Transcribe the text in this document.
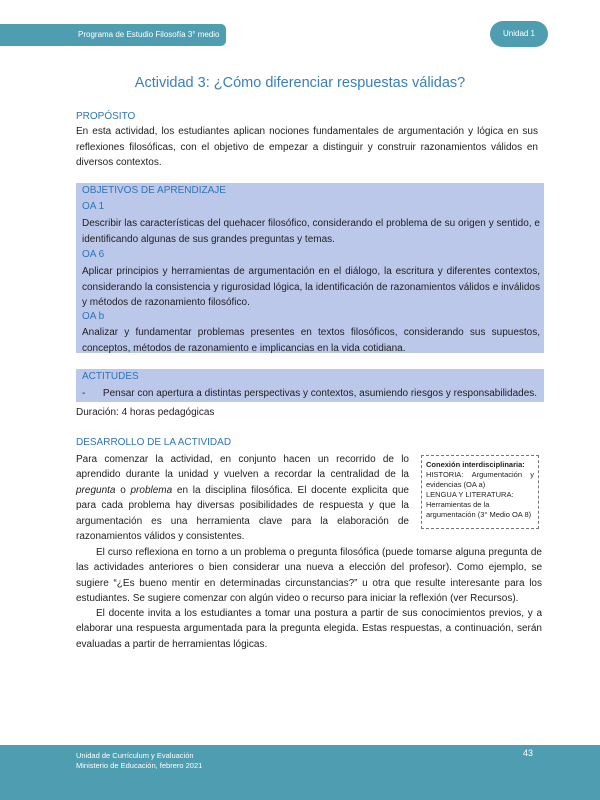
Programa de Estudio Filosofía 3° medio	Unidad 1
Actividad 3: ¿Cómo diferenciar respuestas válidas?
PROPÓSITO
En esta actividad, los estudiantes aplican nociones fundamentales de argumentación y lógica en sus reflexiones filosóficas, con el objetivo de empezar a distinguir y construir razonamientos válidos en diversos contextos.
OBJETIVOS DE APRENDIZAJE
OA 1
Describir las características del quehacer filosófico, considerando el problema de su origen y sentido, e identificando algunas de sus grandes preguntas y temas.
OA 6
Aplicar principios y herramientas de argumentación en el diálogo, la escritura y diferentes contextos, considerando la consistencia y rigurosidad lógica, la identificación de razonamientos válidos e inválidos y métodos de razonamiento filosófico.
OA b
Analizar y fundamentar problemas presentes en textos filosóficos, considerando sus supuestos, conceptos, métodos de razonamiento e implicancias en la vida cotidiana.
ACTITUDES
- Pensar con apertura a distintas perspectivas y contextos, asumiendo riesgos y responsabilidades.
Duración: 4 horas pedagógicas
DESARROLLO DE LA ACTIVIDAD
Para comenzar la actividad, en conjunto hacen un recorrido de lo aprendido durante la unidad y vuelven a recordar la centralidad de la pregunta o problema en la disciplina filosófica. El docente explicita que para cada problema hay diversas posibilidades de respuesta y que la argumentación es una herramienta clave para la elaboración de razonamientos válidos y consistentes.
Conexión interdisciplinaria:
HISTORIA: Argumentación y
evidencias (OA a)
LENGUA Y LITERATURA:
Herramientas de la
argumentación (3° Medio OA 8)
El curso reflexiona en torno a un problema o pregunta filosófica (puede tomarse alguna pregunta de las actividades anteriores o bien considerar una nueva a elección del profesor). Como ejemplo, se sugiere “¿Es bueno mentir en determinadas circunstancias?” u otra que resulte interesante para los estudiantes. Se sugiere comenzar con algún video o recurso para iniciar la reflexión (ver Recursos).
El docente invita a los estudiantes a tomar una postura a partir de sus conocimientos previos, y a elaborar una respuesta argumentada para la pregunta elegida. Estas respuestas, a continuación, serán evaluadas a partir de herramientas lógicas.
Unidad de Currículum y Evaluación
Ministerio de Educación, febrero 2021
43
